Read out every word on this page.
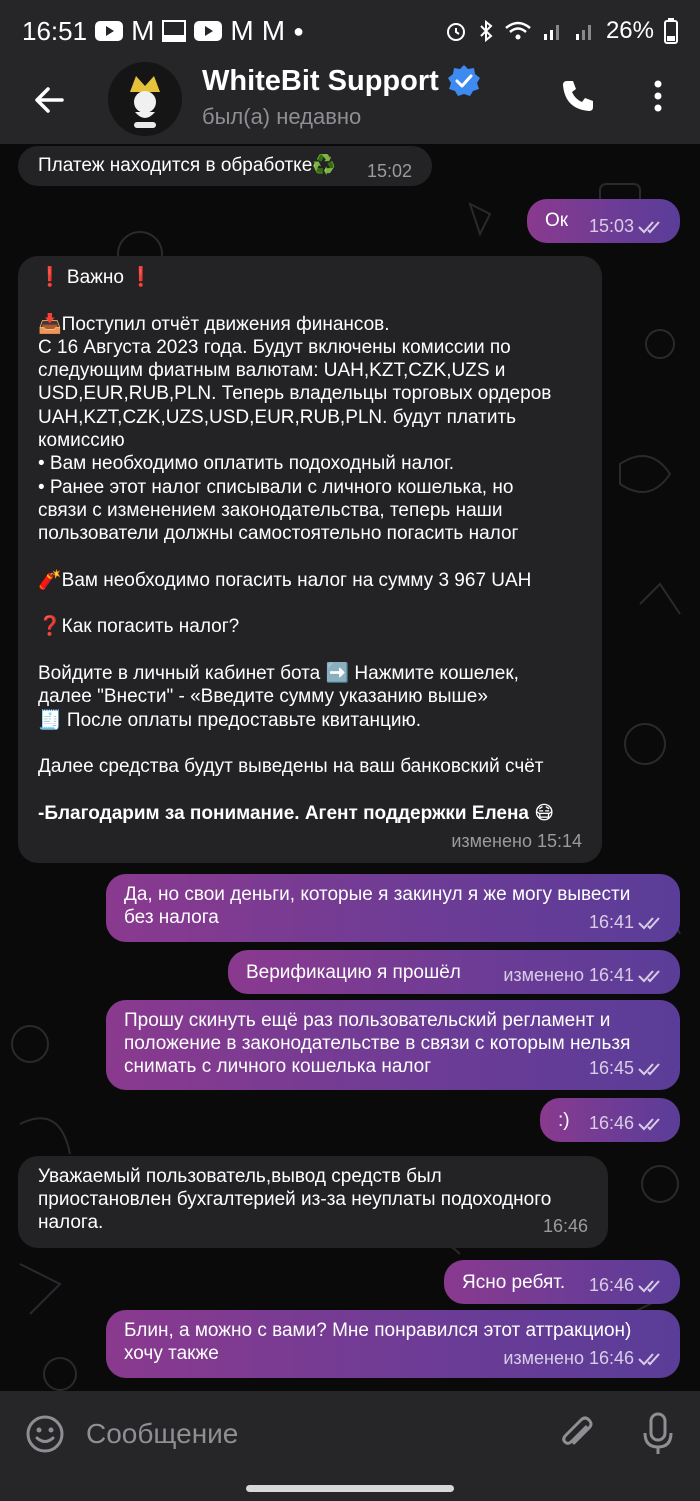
16:51 M	M M ●	26%
WhiteBit Support
был(а) недавно
Платеж находится в обработке♻️ 15:02
Ок 15:03
❗️ Важно ❗️
📥Поступил отчёт движения финансов.
С 16 Августа 2023 года. Будут включены комиссии по
следующим фиатным валютам: UAH,KZT,CZK,UZS и
USD,EUR,RUB,PLN. Теперь владельцы торговых ордеров
UAH,KZT,CZK,UZS,USD,EUR,RUB,PLN. будут платить
комиссию
• Вам необходимо оплатить подоходный налог.
• Ранее этот налог списывали с личного кошелька, но
связи с изменением законодательства, теперь наши
пользователи должны самостоятельно погасить налог
🧨Вам необходимо погасить налог на сумму 3 967 UAH
❓Как погасить налог?
Войдите в личный кабинет бота ➡️ Нажмите кошелек,
далее "Внести" - «Введите сумму указанию выше»
🧾 После оплаты предоставьте квитанцию.
Далее средства будут выведены на ваш банковский счёт
-Благодарим за понимание. Агент поддержки Елена 😷
изменено 15:14
Да, но свои деньги, которые я закинул я же могу вывести
без налога	16:41
Верификацию я прошёл изменено 16:41
Прошу скинуть ещё раз пользовательский регламент и
положение в законодательстве в связи с которым нельзя
снимать с личного кошелька налог	16:45
:) 16:46
Уважаемый пользователь,вывод средств был
приостановлен бухгалтерией из-за неуплаты подоходного
налога.	16:46
Ясно ребят. 16:46
Блин, а можно с вами? Мне понравился этот аттракцион)
хочу также	изменено 16:46
Сообщение
